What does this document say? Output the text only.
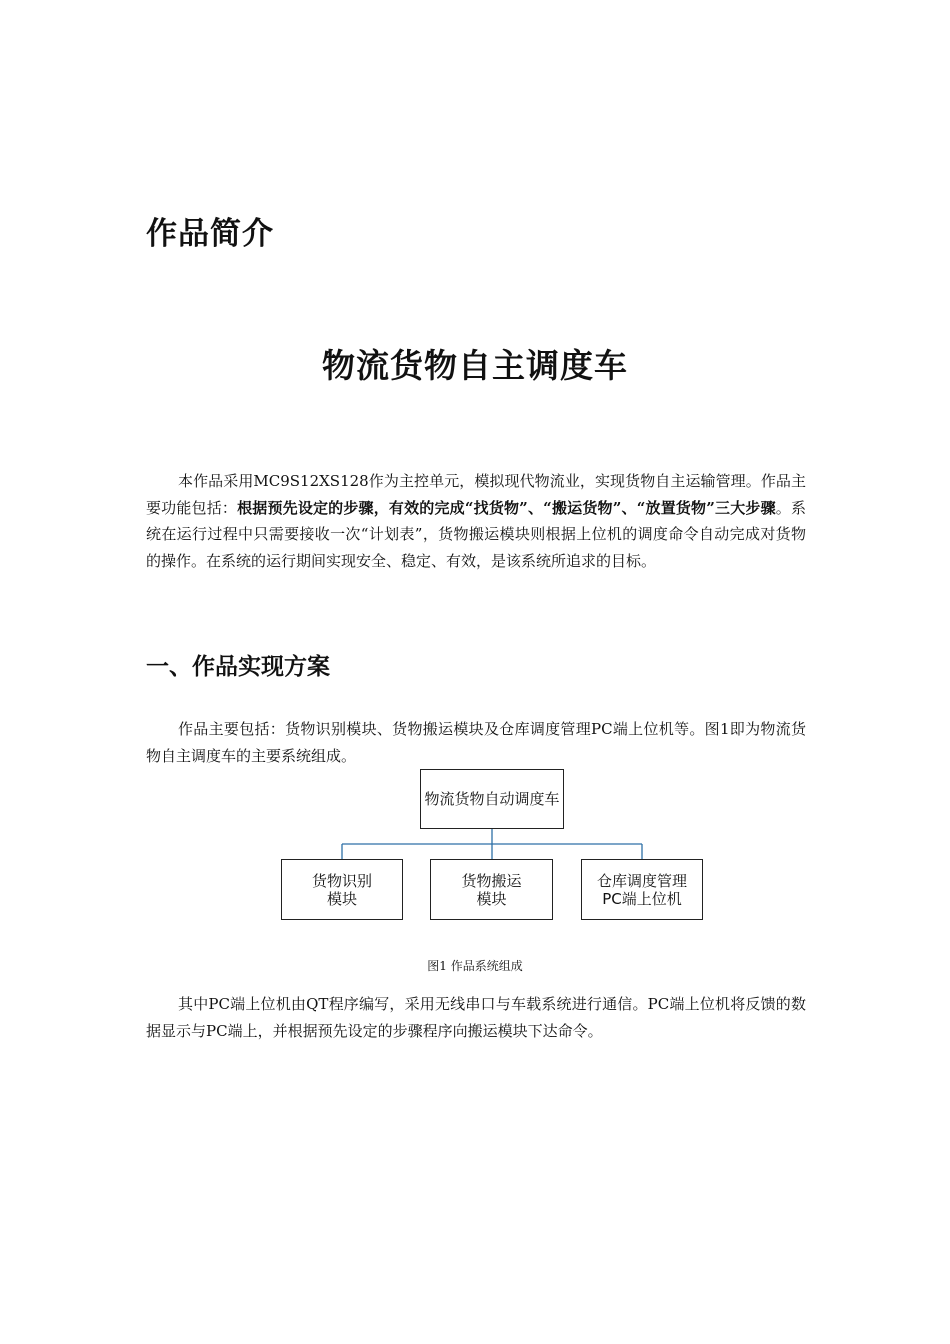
作品简介
物流货物自主调度车

本作品采用MC9S12XS128作为主控单元，模拟现代物流业，实现货物自主运输管理。作品主要功能包括：根据预先设定的步骤，有效的完成“找货物”、“搬运货物”、“放置货物”三大步骤。系统在运行过程中只需要接收一次“计划表”，货物搬运模块则根据上位机的调度命令自动完成对货物的操作。在系统的运行期间实现安全、稳定、有效，是该系统所追求的目标。

一、作品实现方案

作品主要包括：货物识别模块、货物搬运模块及仓库调度管理PC端上位机等。图1即为物流货物自主调度车的主要系统组成。

物流货物自动调度车
货物识别
模块
货物搬运
模块
仓库调度管理
PC端上位机

图1 作品系统组成

其中PC端上位机由QT程序编写，采用无线串口与车载系统进行通信。PC端上位机将反馈的数据显示与PC端上，并根据预先设定的步骤程序向搬运模块下达命令。
